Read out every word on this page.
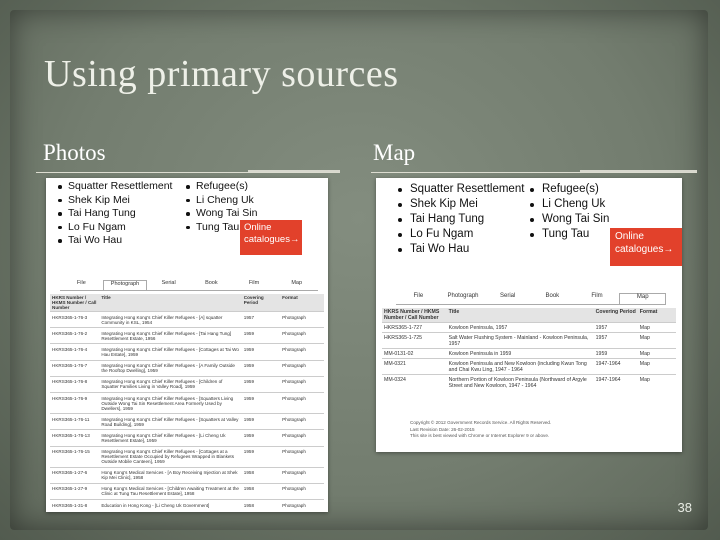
Using primary sources
Photos	Map
Squatter Resettlement
Shek Kip Mei
Tai Hang Tung
Lo Fu Ngam
Tai Wo Hau
Refugee(s)
Li Cheng Uk
Wong Tai Sin
Tung Tau Online catalogues→
File	Photograph	Serial	Book	Film	Map
HKRS Number / HKMS Number / Call Number	Title	Covering Period	Format
HKRS365-1-76-3	Integrating Hong Kong's Chief Killer Refugees - [A] squatter Community in KSL, 1954	1957	Photograph
HKRS365-1-76-2	Integrating Hong Kong's Chief Killer Refugees - [Tai Hang Tung] Resettlement Estate, 1956	1959	Photograph
HKRS365-1-76-4	Integrating Hong Kong's Chief Killer Refugees - [Cottages at Tai Wo Hau Estate], 1959	1959	Photograph
HKRS365-1-76-7	Integrating Hong Kong's Chief Killer Refugees - [A Family Outside the Rooftop Dwelling], 1959	1959	Photograph
HKRS365-1-76-8	Integrating Hong Kong's Chief Killer Refugees - [Children of Squatter Families Living in Valley Road], 1959	1959	Photograph
HKRS365-1-76-9	Integrating Hong Kong's Chief Killer Refugees - [Squatters Living Outside Wong Tai Sin Resettlement Area Formerly Used by Dwellers], 1959	1959	Photograph
HKRS365-1-76-11	Integrating Hong Kong's Chief Killer Refugees - [Squatters at Valley Road Building], 1959	1959	Photograph
HKRS365-1-76-13	Integrating Hong Kong's Chief Killer Refugees - [Li Cheng Uk Resettlement Estate], 1959	1959	Photograph
HKRS365-1-76-15	Integrating Hong Kong's Chief Killer Refugees - [Cottages at a Resettlement Estate Occupied by Refugees Wrapped in Blankets Outside Mobile Canteen], 1959	1959	Photograph
HKRS365-1-27-6	Hong Kong's Medical Services - [A Boy Receiving Injection at Shek Kip Mei Clinic], 1958	1958	Photograph
HKRS365-1-27-9	Hong Kong's Medical Services - [Children Awaiting Treatment at the Clinic at Tung Tau Resettlement Estate], 1958	1958	Photograph
HKRS365-1-31-8	Education in Hong Kong - [Li Cheng Uk Government]	1958	Photograph
Squatter Resettlement
Shek Kip Mei
Tai Hang Tung
Lo Fu Ngam
Tai Wo Hau
Refugee(s)
Li Cheng Uk
Wong Tai Sin
Tung Tau	Online catalogues→
File	Photograph	Serial	Book	Film	Map
HKRS Number / HKMS Number / Call Number	Title	Covering Period	Format
HKRS365-1-727	Kowloon Peninsula, 1957	1957	Map
HKRS365-1-725	Salt Water Flushing System - Mainland - Kowloon Peninsula, 1957	1957	Map
MM-0131-02	Kowloon Peninsula in 1959	1959	Map
MM-0321	Kowloon Peninsula and New Kowloon (including Kwun Tong and Chai Kwu Ling, 1947 - 1964	1947-1964	Map
MM-0324	Northern Portion of Kowloon Peninsula (Northward of Argyle Street and New Kowloon, 1947 - 1964	1947-1964	Map
Copyright © 2012 Government Records Service. All Rights Reserved.
Last Revision Date: 26-02-2015
This site is best viewed with Chrome or Internet Explorer 9 or above.
38
